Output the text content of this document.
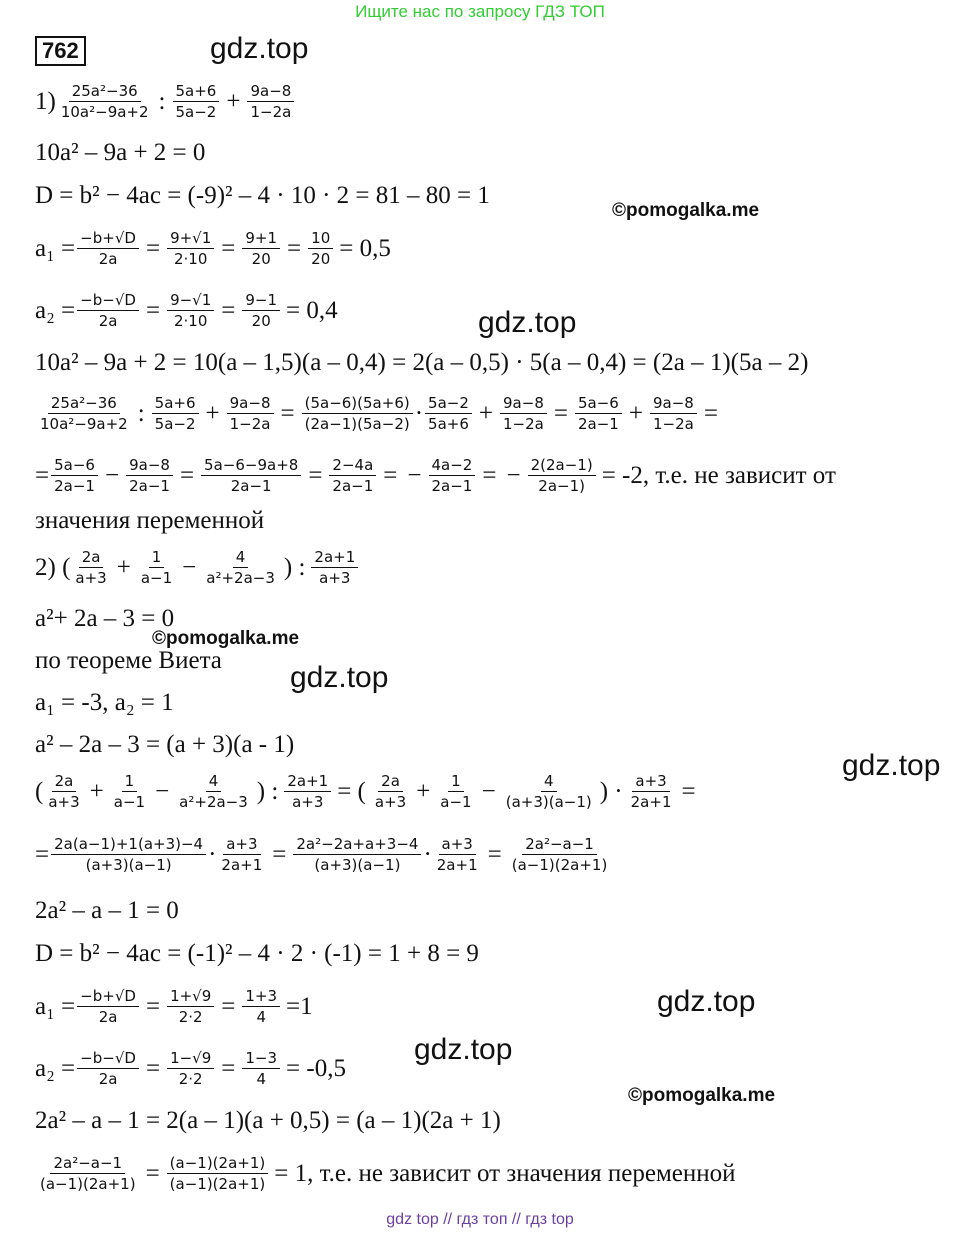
Ищите нас по запросу ГДЗ ТОП
762	gdz.top
©pomogalka.me
gdz.top
©pomogalka.me
gdz.top
gdz.top
gdz.top
gdz.top
©pomogalka.me
$1) \frac{\text{25a²−36}}{\text{10a²−9a+2}}$ : $\frac{5a+6}{5a-2} + \frac{9a-8}{1-2a}$
10a² – 9a + 2 = 0
D = b² − 4ac = (-9)² – 4 · 10 · 2 = 81 – 80 = 1
$a_1 = \frac{-b+√D}{2a} = \frac{9+√1}{2\cdot 10} = \frac{9+1}{20} = \frac{10}{20} = 0,5$
$a_2 = \frac{-b-√D}{2a} = \frac{9-√1}{2\cdot 10} = \frac{9-1}{20} = 0,4$
10a² – 9a + 2 = 10(a – 1,5)(a – 0,4) = 2(a – 0,5) · 5(a – 0,4) = (2a – 1)(5a – 2)
$\frac{\text{25a²−36}}{\text{10a²−9a+2}}$ : $\frac{5a+6}{5a-2} + \frac{9a-8}{1-2a} = \frac{(5a-6)(5a+6)}{(2a-1)(5a-2)} \cdot \frac{5a-2}{5a+6} + \frac{9a-8}{1-2a} = \frac{5a-6}{2a-1} + \frac{9a-8}{1-2a}$ =
= $\frac{5a-6}{2a-1} - \frac{9a-8}{2a-1} = \frac{5a-6-9a+8}{2a-1} = \frac{2-4a}{2a-1}$ = − $\frac{4a-2}{2a-1}$ = − $\frac{2(2a-1)}{2a-1)} = -2$, т.е. не зависит от
значения переменной
2) ( $\frac{2a}{a+3} + \frac{1}{a-1} - \frac{4}{\text{a²+2a−3}}$ ) : $\frac{2a+1}{a+3}$
a²+ 2a – 3 = 0
по теореме Виета
a₁ = -3, a₂ = 1
a² – 2a – 3 = (a + 3)(a - 1)
( $\frac{2a}{a+3} + \frac{1}{a-1} - \frac{4}{\text{a²+2a−3}}$ ) : $\frac{2a+1}{a+3}$ = ( $\frac{2a}{a+3} + \frac{1}{a-1} - \frac{4}{(a+3)(a-1)}$ ) · $\frac{a+3}{2a+1}$ =
= $\frac{2a(a-1)+1(a+3)-4}{(a+3)(a-1)} \cdot \frac{a+3}{2a+1} = \frac{\text{2a²−2a+a+3−4}}{(a+3)(a-1)} \cdot \frac{a+3}{2a+1} = \frac{\text{2a²−a−1}}{(a-1)(2a+1)}$
2a² – a – 1 = 0
D = b² − 4ac = (-1)² – 4 · 2 · (-1) = 1 + 8 = 9
$a_1 = \frac{-b+√D}{2a} = \frac{1+√9}{2\cdot 2} = \frac{1+3}{4} =1$
$a_2 = \frac{-b-√D}{2a} = \frac{1-√9}{2\cdot 2} = \frac{1-3}{4} = -0,5$
2a² – a – 1 = 2(a – 1)(a + 0,5) = (a – 1)(2a + 1)
$\frac{\text{2a²−a−1}}{(a-1)(2a+1)} = \frac{(a-1)(2a+1)}{(a-1)(2a+1)} = 1$, т.е. не зависит от значения переменной
gdz top // гдз топ // гдз top
